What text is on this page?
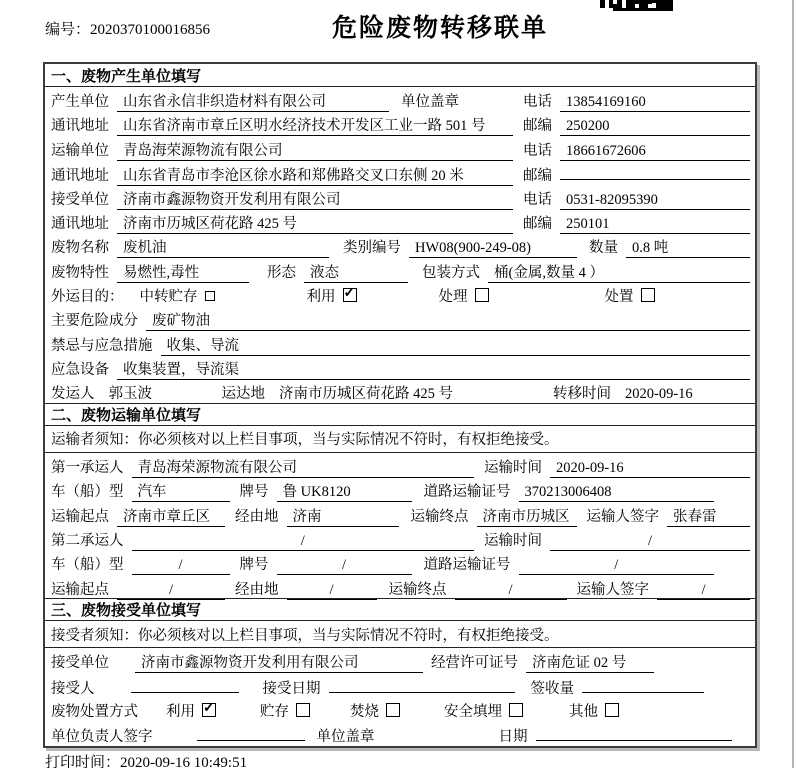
编号：2020370100016856	危险废物转移联单
一、废物产生单位填写
产生单位 山东省永信非织造材料有限公司	单位盖章	电话 13854169160
通讯地址 山东省济南市章丘区明水经济技术开发区工业一路 501 号	邮编 250200
运输单位 青岛海荣源物流有限公司	电话 18661672606
通讯地址 山东省青岛市李沧区徐水路和郑佛路交叉口东侧 20 米	邮编
接受单位 济南市鑫源物资开发利用有限公司	电话 0531-82095390
通讯地址 济南市历城区荷花路 425 号	邮编 250101
废物名称 废机油	类别编号 HW08(900-249-08)	数量 0.8 吨
废物特性 易燃性,毒性	形态 液态	包装方式 桶(金属,数量 4 ）
外运目的： 中转贮存	利用 ✓	处理	处置
主要危险成分 废矿物油
禁忌与应急措施 收集、导流
应急设备 收集装置，导流渠
发运人 郭玉波	运达地 济南市历城区荷花路 425 号	转移时间 2020-09-16
二、废物运输单位填写
运输者须知：你必须核对以上栏目事项，当与实际情况不符时，有权拒绝接受。
第一承运人 青岛海荣源物流有限公司	运输时间 2020-09-16
车（船）型 汽车	牌号 鲁 UK8120	道路运输证号 370213006408
运输起点 济南市章丘区	经由地 济南	运输终点 济南市历城区	运输人签字 张春雷
第二承运人	/	运输时间	/
车（船）型	/	牌号	/	道路运输证号	/
运输起点	/	经由地	/	运输终点	/	运输人签字	/
三、废物接受单位填写
接受者须知：你必须核对以上栏目事项，当与实际情况不符时，有权拒绝接受。
接受单位	济南市鑫源物资开发利用有限公司	经营许可证号 济南危证 02 号
接受人	接受日期	签收量
废物处置方式 利用 ✓	贮存	焚烧	安全填埋	其他
单位负责人签字	单位盖章	日期
打印时间：2020-09-16 10:49:51
